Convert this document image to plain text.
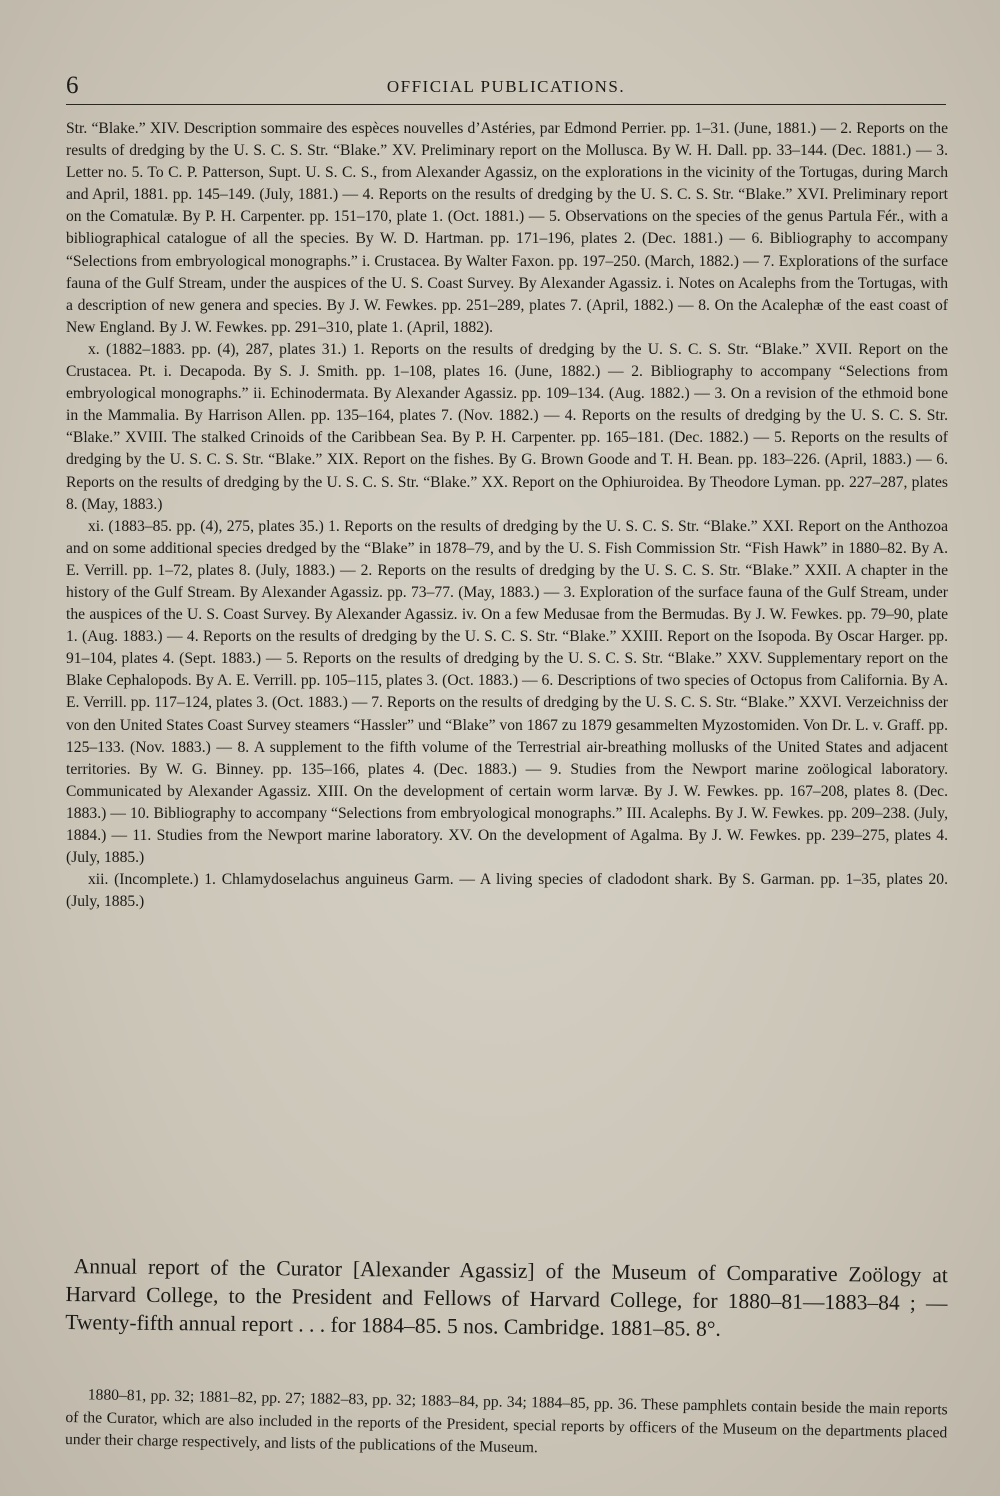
6	OFFICIAL PUBLICATIONS.

Str. “Blake.” XIV. Description sommaire des espèces nouvelles d’Astéries, par Edmond Perrier. pp. 1–31. (June, 1881.) — 2. Reports on the results of dredging by the U. S. C. S. Str. “Blake.” XV. Preliminary report on the Mollusca. By W. H. Dall. pp. 33–144. (Dec. 1881.) — 3. Letter no. 5. To C. P. Patterson, Supt. U. S. C. S., from Alexander Agassiz, on the explorations in the vicinity of the Tortugas, during March and April, 1881. pp. 145–149. (July, 1881.) — 4. Reports on the results of dredging by the U. S. C. S. Str. “Blake.” XVI. Preliminary report on the Comatulæ. By P. H. Carpenter. pp. 151–170, plate 1. (Oct. 1881.) — 5. Observations on the species of the genus Partula Fér., with a bibliographical catalogue of all the species. By W. D. Hartman. pp. 171–196, plates 2. (Dec. 1881.) — 6. Bibliography to accompany “Selections from embryological monographs.” i. Crustacea. By Walter Faxon. pp. 197–250. (March, 1882.) — 7. Explorations of the surface fauna of the Gulf Stream, under the auspices of the U. S. Coast Survey. By Alexander Agassiz. i. Notes on Acalephs from the Tortugas, with a description of new genera and species. By J. W. Fewkes. pp. 251–289, plates 7. (April, 1882.) — 8. On the Acalephæ of the east coast of New England. By J. W. Fewkes. pp. 291–310, plate 1. (April, 1882).

x. (1882–1883. pp. (4), 287, plates 31.) 1. Reports on the results of dredging by the U. S. C. S. Str. “Blake.” XVII. Report on the Crustacea. Pt. i. Decapoda. By S. J. Smith. pp. 1–108, plates 16. (June, 1882.) — 2. Bibliography to accompany “Selections from embryological monographs.” ii. Echinodermata. By Alexander Agassiz. pp. 109–134. (Aug. 1882.) — 3. On a revision of the ethmoid bone in the Mammalia. By Harrison Allen. pp. 135–164, plates 7. (Nov. 1882.) — 4. Reports on the results of dredging by the U. S. C. S. Str. “Blake.” XVIII. The stalked Crinoids of the Caribbean Sea. By P. H. Carpenter. pp. 165–181. (Dec. 1882.) — 5. Reports on the results of dredging by the U. S. C. S. Str. “Blake.” XIX. Report on the fishes. By G. Brown Goode and T. H. Bean. pp. 183–226. (April, 1883.) — 6. Reports on the results of dredging by the U. S. C. S. Str. “Blake.” XX. Report on the Ophiuroidea. By Theodore Lyman. pp. 227–287, plates 8. (May, 1883.)

xi. (1883–85. pp. (4), 275, plates 35.) 1. Reports on the results of dredging by the U. S. C. S. Str. “Blake.” XXI. Report on the Anthozoa and on some additional species dredged by the “Blake” in 1878–79, and by the U. S. Fish Commission Str. “Fish Hawk” in 1880–82. By A. E. Verrill. pp. 1–72, plates 8. (July, 1883.) — 2. Reports on the results of dredging by the U. S. C. S. Str. “Blake.” XXII. A chapter in the history of the Gulf Stream. By Alexander Agassiz. pp. 73–77. (May, 1883.) — 3. Exploration of the surface fauna of the Gulf Stream, under the auspices of the U. S. Coast Survey. By Alexander Agassiz. iv. On a few Medusae from the Bermudas. By J. W. Fewkes. pp. 79–90, plate 1. (Aug. 1883.) — 4. Reports on the results of dredging by the U. S. C. S. Str. “Blake.” XXIII. Report on the Isopoda. By Oscar Harger. pp. 91–104, plates 4. (Sept. 1883.) — 5. Reports on the results of dredging by the U. S. C. S. Str. “Blake.” XXV. Supplementary report on the Blake Cephalopods. By A. E. Verrill. pp. 105–115, plates 3. (Oct. 1883.) — 6. Descriptions of two species of Octopus from California. By A. E. Verrill. pp. 117–124, plates 3. (Oct. 1883.) — 7. Reports on the results of dredging by the U. S. C. S. Str. “Blake.” XXVI. Verzeichniss der von den United States Coast Survey steamers “Hassler” und “Blake” von 1867 zu 1879 gesammelten Myzostomiden. Von Dr. L. v. Graff. pp. 125–133. (Nov. 1883.) — 8. A supplement to the fifth volume of the Terrestrial air-breathing mollusks of the United States and adjacent territories. By W. G. Binney. pp. 135–166, plates 4. (Dec. 1883.) — 9. Studies from the Newport marine zoölogical laboratory. Communicated by Alexander Agassiz. XIII. On the development of certain worm larvæ. By J. W. Fewkes. pp. 167–208, plates 8. (Dec. 1883.) — 10. Bibliography to accompany “Selections from embryological monographs.” III. Acalephs. By J. W. Fewkes. pp. 209–238. (July, 1884.) — 11. Studies from the Newport marine laboratory. XV. On the development of Agalma. By J. W. Fewkes. pp. 239–275, plates 4. (July, 1885.)

xii. (Incomplete.) 1. Chlamydoselachus anguineus Garm. — A living species of cladodont shark. By S. Garman. pp. 1–35, plates 20. (July, 1885.)

Annual report of the Curator [Alexander Agassiz] of the Museum of Comparative Zoölogy at Harvard College, to the President and Fellows of Harvard College, for 1880–81—1883–84 ; — Twenty-fifth annual report . . . for 1884–85. 5 nos. Cambridge. 1881–85. 8°.

1880–81, pp. 32; 1881–82, pp. 27; 1882–83, pp. 32; 1883–84, pp. 34; 1884–85, pp. 36. These pamphlets contain beside the main reports of the Curator, which are also included in the reports of the President, special reports by officers of the Museum on the departments placed under their charge respectively, and lists of the publications of the Museum.
